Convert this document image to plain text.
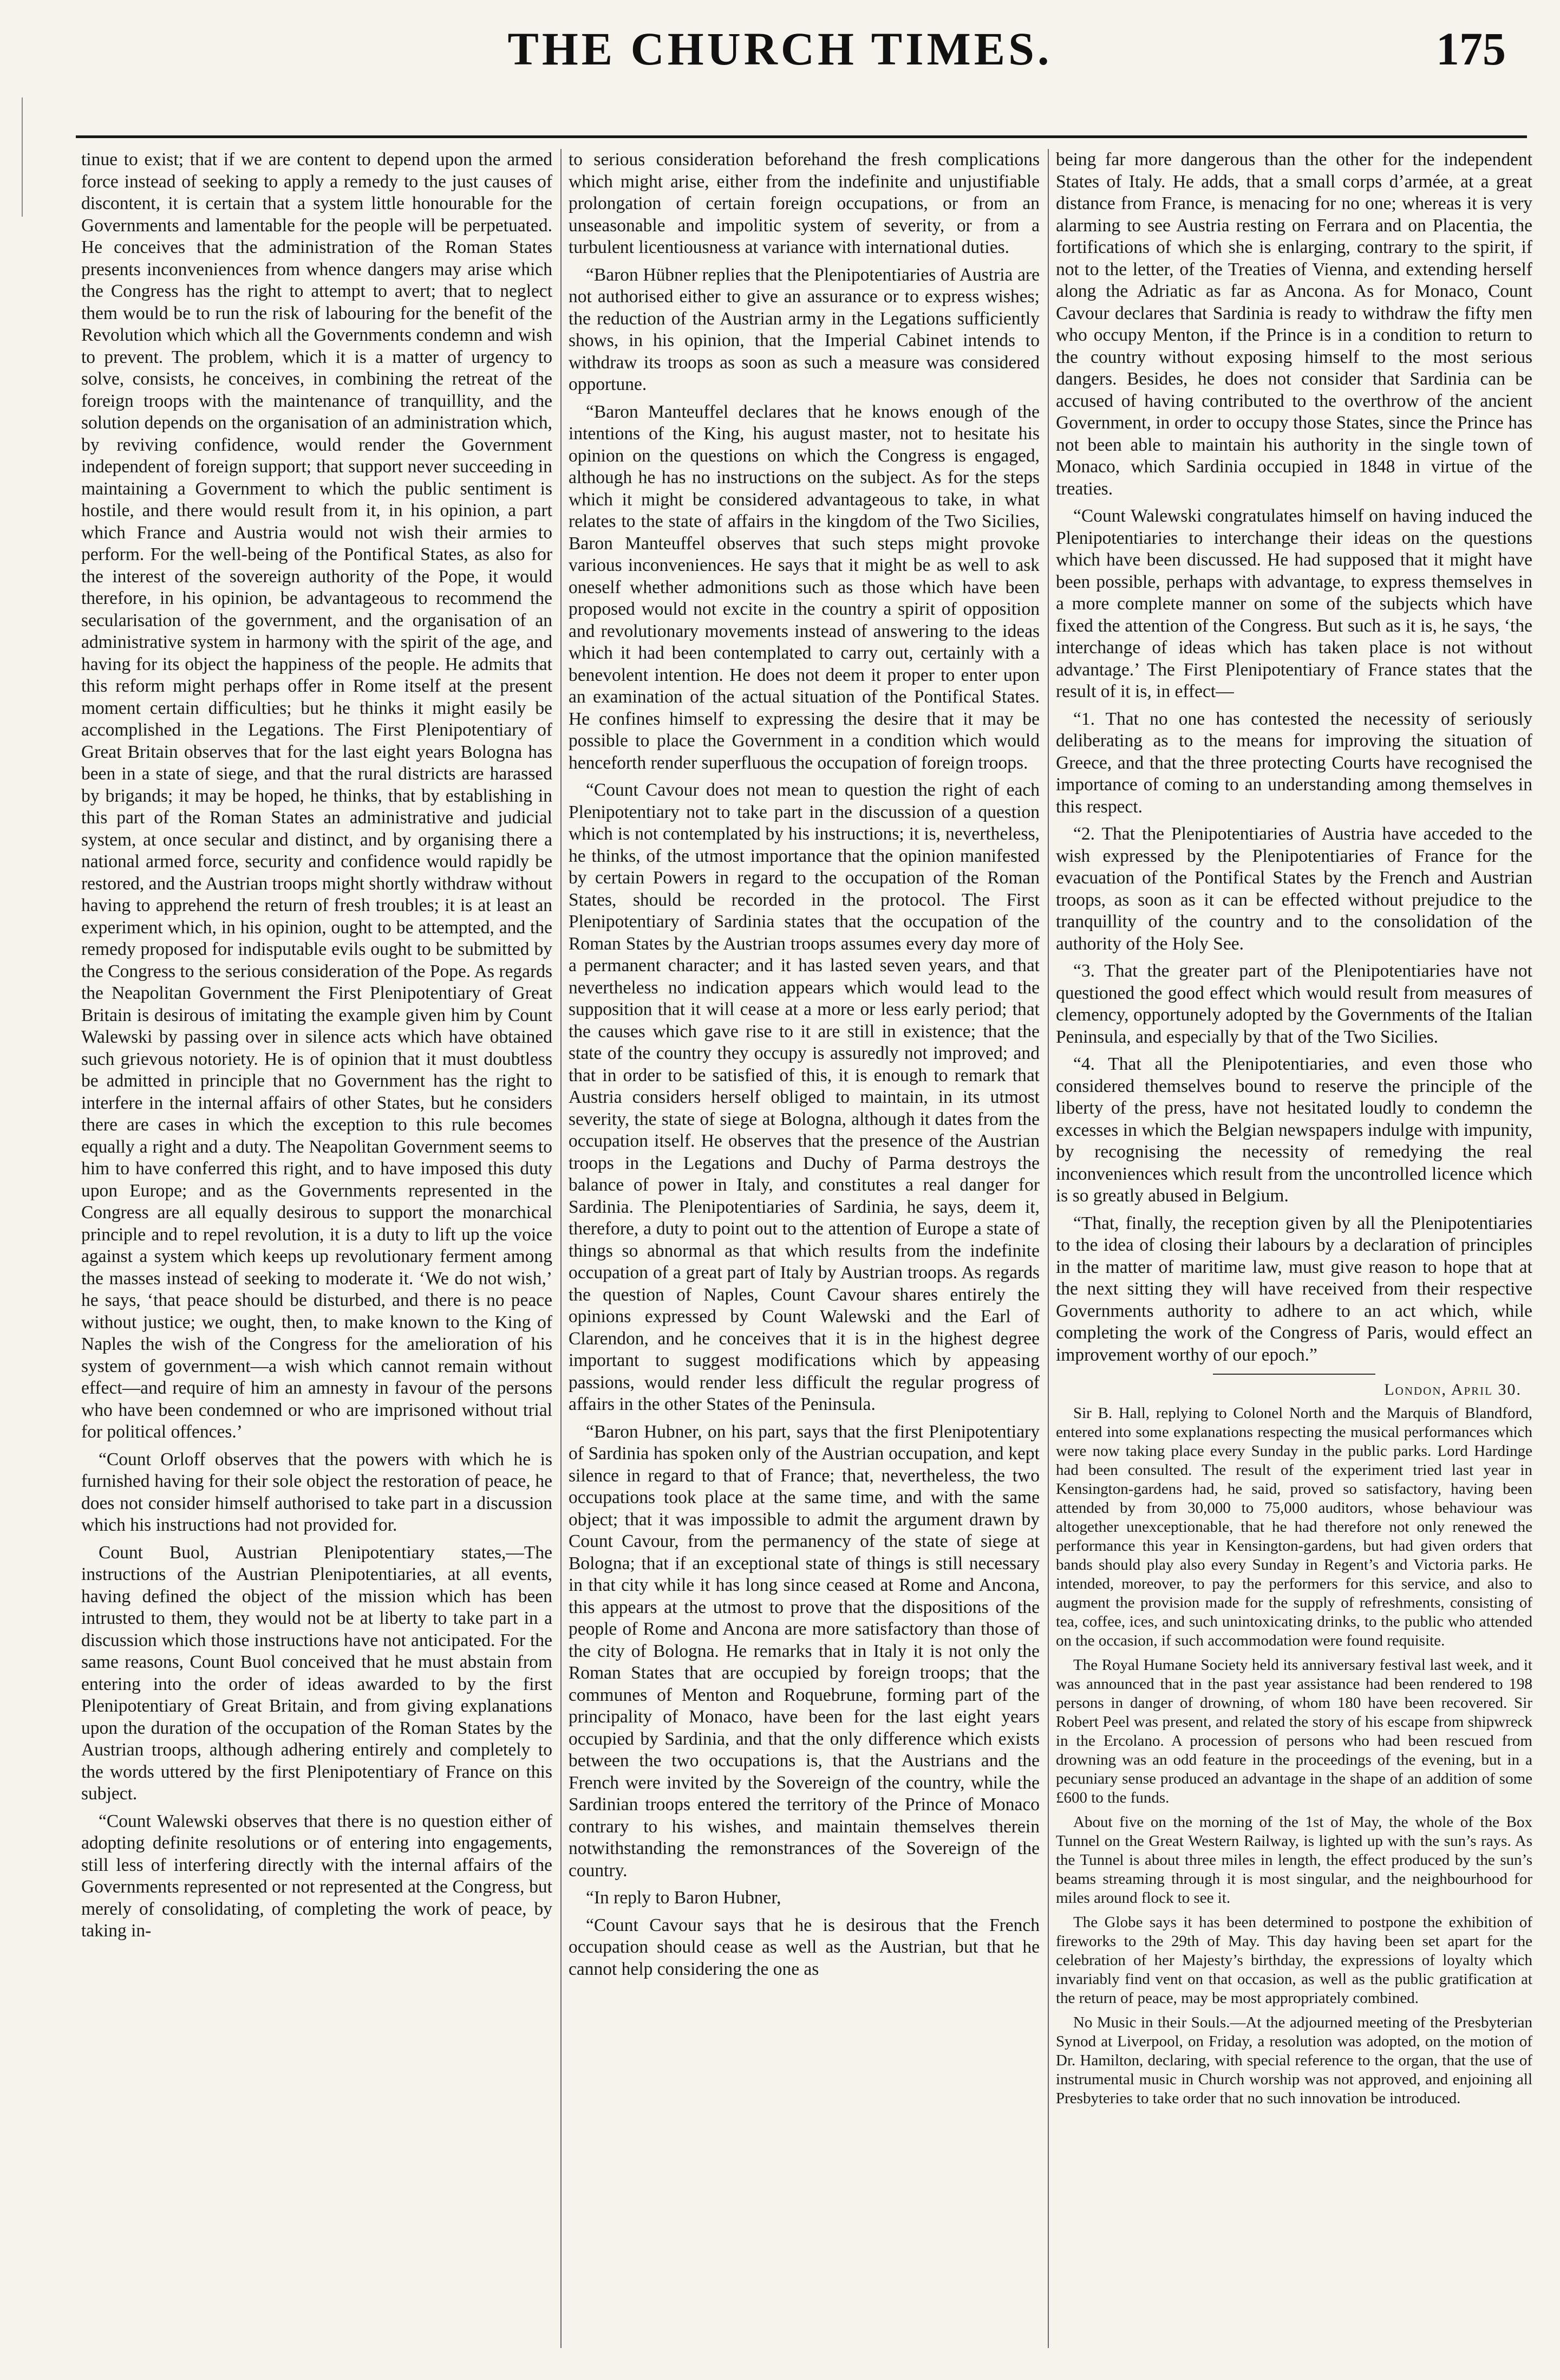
THE CHURCH TIMES.	175

tinue to exist; that if we are content to depend upon the armed force instead of seeking to apply a remedy to the just causes of discontent, it is certain that a system little honourable for the Governments and lamentable for the people will be perpetuated. He conceives that the administration of the Roman States presents inconveniences from whence dangers may arise which the Congress has the right to attempt to avert; that to neglect them would be to run the risk of labouring for the benefit of the Revolution which which all the Governments condemn and wish to prevent. The problem, which it is a matter of urgency to solve, consists, he conceives, in combining the retreat of the foreign troops with the maintenance of tranquillity, and the solution depends on the organisation of an administration which, by reviving confidence, would render the Government independent of foreign support; that support never succeeding in maintaining a Government to which the public sentiment is hostile, and there would result from it, in his opinion, a part which France and Austria would not wish their armies to perform. For the well-being of the Pontifical States, as also for the interest of the sovereign authority of the Pope, it would therefore, in his opinion, be advantageous to recommend the secularisation of the government, and the organisation of an administrative system in harmony with the spirit of the age, and having for its object the happiness of the people. He admits that this reform might perhaps offer in Rome itself at the present moment certain difficulties; but he thinks it might easily be accomplished in the Legations. The First Plenipotentiary of Great Britain observes that for the last eight years Bologna has been in a state of siege, and that the rural districts are harassed by brigands; it may be hoped, he thinks, that by establishing in this part of the Roman States an administrative and judicial system, at once secular and distinct, and by organising there a national armed force, security and confidence would rapidly be restored, and the Austrian troops might shortly withdraw without having to apprehend the return of fresh troubles; it is at least an experiment which, in his opinion, ought to be attempted, and the remedy proposed for indisputable evils ought to be submitted by the Congress to the serious consideration of the Pope. As regards the Neapolitan Government the First Plenipotentiary of Great Britain is desirous of imitating the example given him by Count Walewski by passing over in silence acts which have obtained such grievous notoriety. He is of opinion that it must doubtless be admitted in principle that no Government has the right to interfere in the internal affairs of other States, but he considers there are cases in which the exception to this rule becomes equally a right and a duty. The Neapolitan Government seems to him to have conferred this right, and to have imposed this duty upon Europe; and as the Governments represented in the Congress are all equally desirous to support the monarchical principle and to repel revolution, it is a duty to lift up the voice against a system which keeps up revolutionary ferment among the masses instead of seeking to moderate it. ‘We do not wish,’ he says, ‘that peace should be disturbed, and there is no peace without justice; we ought, then, to make known to the King of Naples the wish of the Congress for the amelioration of his system of government—a wish which cannot remain without effect—and require of him an amnesty in favour of the persons who have been condemned or who are imprisoned without trial for political offences.’

“Count Orloff observes that the powers with which he is furnished having for their sole object the restoration of peace, he does not consider himself authorised to take part in a discussion which his instructions had not provided for.

Count Buol, Austrian Plenipotentiary states,—The instructions of the Austrian Plenipotentiaries, at all events, having defined the object of the mission which has been intrusted to them, they would not be at liberty to take part in a discussion which those instructions have not anticipated. For the same reasons, Count Buol conceived that he must abstain from entering into the order of ideas awarded to by the first Plenipotentiary of Great Britain, and from giving explanations upon the duration of the occupation of the Roman States by the Austrian troops, although adhering entirely and completely to the words uttered by the first Plenipotentiary of France on this subject.

“Count Walewski observes that there is no question either of adopting definite resolutions or of entering into engagements, still less of interfering directly with the internal affairs of the Governments represented or not represented at the Congress, but merely of consolidating, of completing the work of peace, by taking in-

to serious consideration beforehand the fresh complications which might arise, either from the indefinite and unjustifiable prolongation of certain foreign occupations, or from an unseasonable and impolitic system of severity, or from a turbulent licentiousness at variance with international duties.

“Baron Hübner replies that the Plenipotentiaries of Austria are not authorised either to give an assurance or to express wishes; the reduction of the Austrian army in the Legations sufficiently shows, in his opinion, that the Imperial Cabinet intends to withdraw its troops as soon as such a measure was considered opportune.

“Baron Manteuffel declares that he knows enough of the intentions of the King, his august master, not to hesitate his opinion on the questions on which the Congress is engaged, although he has no instructions on the subject. As for the steps which it might be considered advantageous to take, in what relates to the state of affairs in the kingdom of the Two Sicilies, Baron Manteuffel observes that such steps might provoke various inconveniences. He says that it might be as well to ask oneself whether admonitions such as those which have been proposed would not excite in the country a spirit of opposition and revolutionary movements instead of answering to the ideas which it had been contemplated to carry out, certainly with a benevolent intention. He does not deem it proper to enter upon an examination of the actual situation of the Pontifical States. He confines himself to expressing the desire that it may be possible to place the Government in a condition which would henceforth render superfluous the occupation of foreign troops.

“Count Cavour does not mean to question the right of each Plenipotentiary not to take part in the discussion of a question which is not contemplated by his instructions; it is, nevertheless, he thinks, of the utmost importance that the opinion manifested by certain Powers in regard to the occupation of the Roman States, should be recorded in the protocol. The First Plenipotentiary of Sardinia states that the occupation of the Roman States by the Austrian troops assumes every day more of a permanent character; and it has lasted seven years, and that nevertheless no indication appears which would lead to the supposition that it will cease at a more or less early period; that the causes which gave rise to it are still in existence; that the state of the country they occupy is assuredly not improved; and that in order to be satisfied of this, it is enough to remark that Austria considers herself obliged to maintain, in its utmost severity, the state of siege at Bologna, although it dates from the occupation itself. He observes that the presence of the Austrian troops in the Legations and Duchy of Parma destroys the balance of power in Italy, and constitutes a real danger for Sardinia. The Plenipotentiaries of Sardinia, he says, deem it, therefore, a duty to point out to the attention of Europe a state of things so abnormal as that which results from the indefinite occupation of a great part of Italy by Austrian troops. As regards the question of Naples, Count Cavour shares entirely the opinions expressed by Count Walewski and the Earl of Clarendon, and he conceives that it is in the highest degree important to suggest modifications which by appeasing passions, would render less difficult the regular progress of affairs in the other States of the Peninsula.

“Baron Hubner, on his part, says that the first Plenipotentiary of Sardinia has spoken only of the Austrian occupation, and kept silence in regard to that of France; that, nevertheless, the two occupations took place at the same time, and with the same object; that it was impossible to admit the argument drawn by Count Cavour, from the permanency of the state of siege at Bologna; that if an exceptional state of things is still necessary in that city while it has long since ceased at Rome and Ancona, this appears at the utmost to prove that the dispositions of the people of Rome and Ancona are more satisfactory than those of the city of Bologna. He remarks that in Italy it is not only the Roman States that are occupied by foreign troops; that the communes of Menton and Roquebrune, forming part of the principality of Monaco, have been for the last eight years occupied by Sardinia, and that the only difference which exists between the two occupations is, that the Austrians and the French were invited by the Sovereign of the country, while the Sardinian troops entered the territory of the Prince of Monaco contrary to his wishes, and maintain themselves therein notwithstanding the remonstrances of the Sovereign of the country.

“In reply to Baron Hubner,

“Count Cavour says that he is desirous that the French occupation should cease as well as the Austrian, but that he cannot help considering the one as

being far more dangerous than the other for the independent States of Italy. He adds, that a small corps d’armée, at a great distance from France, is menacing for no one; whereas it is very alarming to see Austria resting on Ferrara and on Placentia, the fortifications of which she is enlarging, contrary to the spirit, if not to the letter, of the Treaties of Vienna, and extending herself along the Adriatic as far as Ancona. As for Monaco, Count Cavour declares that Sardinia is ready to withdraw the fifty men who occupy Menton, if the Prince is in a condition to return to the country without exposing himself to the most serious dangers. Besides, he does not consider that Sardinia can be accused of having contributed to the overthrow of the ancient Government, in order to occupy those States, since the Prince has not been able to maintain his authority in the single town of Monaco, which Sardinia occupied in 1848 in virtue of the treaties.

“Count Walewski congratulates himself on having induced the Plenipotentiaries to interchange their ideas on the questions which have been discussed. He had supposed that it might have been possible, perhaps with advantage, to express themselves in a more complete manner on some of the subjects which have fixed the attention of the Congress. But such as it is, he says, ‘the interchange of ideas which has taken place is not without advantage.’ The First Plenipotentiary of France states that the result of it is, in effect—

“1. That no one has contested the necessity of seriously deliberating as to the means for improving the situation of Greece, and that the three protecting Courts have recognised the importance of coming to an understanding among themselves in this respect.

“2. That the Plenipotentiaries of Austria have acceded to the wish expressed by the Plenipotentiaries of France for the evacuation of the Pontifical States by the French and Austrian troops, as soon as it can be effected without prejudice to the tranquillity of the country and to the consolidation of the authority of the Holy See.

“3. That the greater part of the Plenipotentiaries have not questioned the good effect which would result from measures of clemency, opportunely adopted by the Governments of the Italian Peninsula, and especially by that of the Two Sicilies.

“4. That all the Plenipotentiaries, and even those who considered themselves bound to reserve the principle of the liberty of the press, have not hesitated loudly to condemn the excesses in which the Belgian newspapers indulge with impunity, by recognising the necessity of remedying the real inconveniences which result from the uncontrolled licence which is so greatly abused in Belgium.

“That, finally, the reception given by all the Plenipotentiaries to the idea of closing their labours by a declaration of principles in the matter of maritime law, must give reason to hope that at the next sitting they will have received from their respective Governments authority to adhere to an act which, while completing the work of the Congress of Paris, would effect an improvement worthy of our epoch.”

London, April 30.

Sir B. Hall, replying to Colonel North and the Marquis of Blandford, entered into some explanations respecting the musical performances which were now taking place every Sunday in the public parks. Lord Hardinge had been consulted. The result of the experiment tried last year in Kensington-gardens had, he said, proved so satisfactory, having been attended by from 30,000 to 75,000 auditors, whose behaviour was altogether unexceptionable, that he had therefore not only renewed the performance this year in Kensington-gardens, but had given orders that bands should play also every Sunday in Regent’s and Victoria parks. He intended, moreover, to pay the performers for this service, and also to augment the provision made for the supply of refreshments, consisting of tea, coffee, ices, and such unintoxicating drinks, to the public who attended on the occasion, if such accommodation were found requisite.

The Royal Humane Society held its anniversary festival last week, and it was announced that in the past year assistance had been rendered to 198 persons in danger of drowning, of whom 180 have been recovered. Sir Robert Peel was present, and related the story of his escape from shipwreck in the Ercolano. A procession of persons who had been rescued from drowning was an odd feature in the proceedings of the evening, but in a pecuniary sense produced an advantage in the shape of an addition of some £600 to the funds.

About five on the morning of the 1st of May, the whole of the Box Tunnel on the Great Western Railway, is lighted up with the sun’s rays. As the Tunnel is about three miles in length, the effect produced by the sun’s beams streaming through it is most singular, and the neighbourhood for miles around flock to see it.

The Globe says it has been determined to postpone the exhibition of fireworks to the 29th of May. This day having been set apart for the celebration of her Majesty’s birthday, the expressions of loyalty which invariably find vent on that occasion, as well as the public gratification at the return of peace, may be most appropriately combined.

No Music in their Souls.—At the adjourned meeting of the Presbyterian Synod at Liverpool, on Friday, a resolution was adopted, on the motion of Dr. Hamilton, declaring, with special reference to the organ, that the use of instrumental music in Church worship was not approved, and enjoining all Presbyteries to take order that no such innovation be introduced.
